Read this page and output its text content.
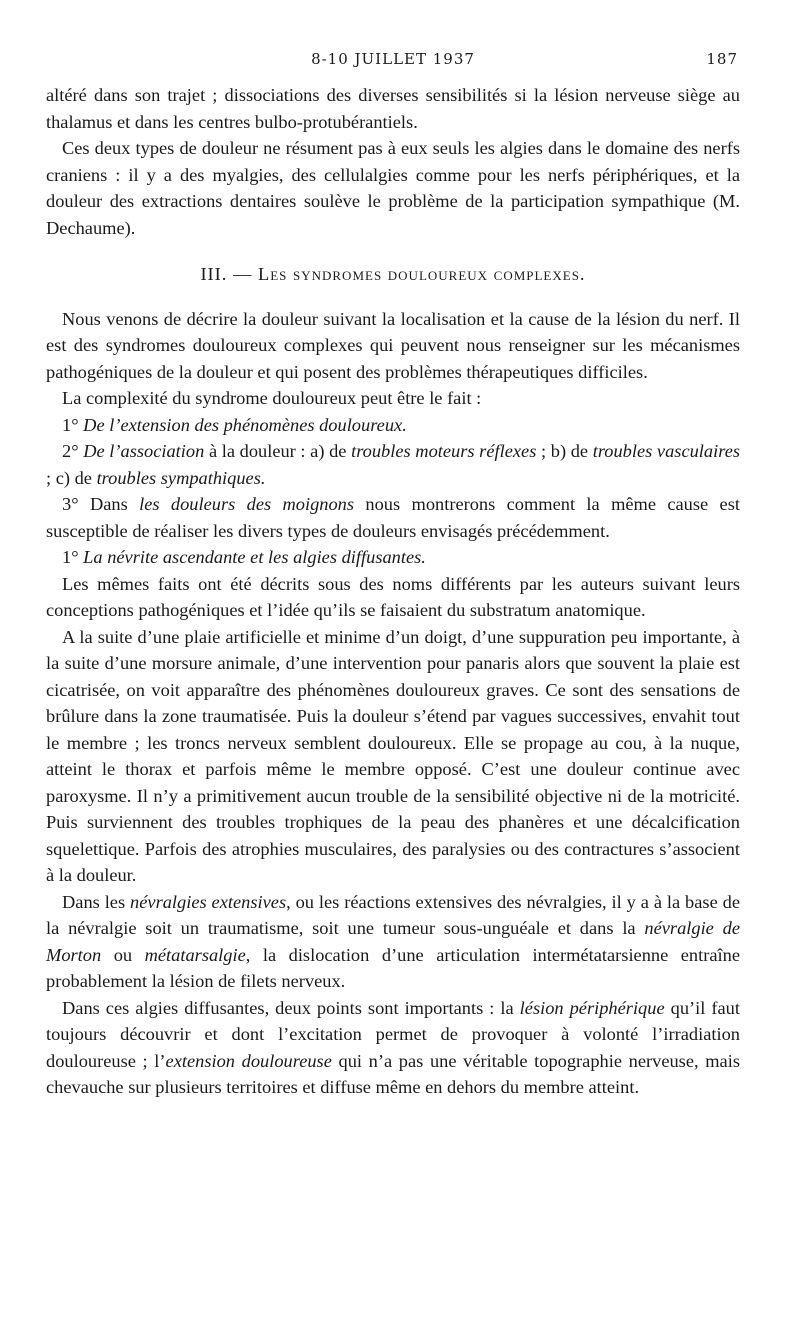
8-10 JUILLET 1937	187

altéré dans son trajet ; dissociations des diverses sensibilités si la lésion nerveuse siège au thalamus et dans les centres bulbo-protubérantiels.

Ces deux types de douleur ne résument pas à eux seuls les algies dans le domaine des nerfs craniens : il y a des myalgies, des cellulalgies comme pour les nerfs périphériques, et la douleur des extractions dentaires soulève le problème de la participation sympathique (M. Dechaume).

III. — Les syndromes douloureux complexes.

Nous venons de décrire la douleur suivant la localisation et la cause de la lésion du nerf. Il est des syndromes douloureux complexes qui peuvent nous renseigner sur les mécanismes pathogéniques de la douleur et qui posent des problèmes thérapeutiques difficiles.

La complexité du syndrome douloureux peut être le fait :

1° De l’extension des phénomènes douloureux.

2° De l’association à la douleur : a) de troubles moteurs réflexes ; b) de troubles vasculaires ; c) de troubles sympathiques.

3° Dans les douleurs des moignons nous montrerons comment la même cause est susceptible de réaliser les divers types de douleurs envisagés précédemment.

1° La névrite ascendante et les algies diffusantes.

Les mêmes faits ont été décrits sous des noms différents par les auteurs suivant leurs conceptions pathogéniques et l’idée qu’ils se faisaient du substratum anatomique.

A la suite d’une plaie artificielle et minime d’un doigt, d’une suppuration peu importante, à la suite d’une morsure animale, d’une intervention pour panaris alors que souvent la plaie est cicatrisée, on voit apparaître des phénomènes douloureux graves. Ce sont des sensations de brûlure dans la zone traumatisée. Puis la douleur s’étend par vagues successives, envahit tout le membre ; les troncs nerveux semblent douloureux. Elle se propage au cou, à la nuque, atteint le thorax et parfois même le membre opposé. C’est une douleur continue avec paroxysme. Il n’y a primitivement aucun trouble de la sensibilité objective ni de la motricité. Puis surviennent des troubles trophiques de la peau des phanères et une décalcification squelettique. Parfois des atrophies musculaires, des paralysies ou des contractures s’associent à la douleur.

Dans les névralgies extensives, ou les réactions extensives des névralgies, il y a à la base de la névralgie soit un traumatisme, soit une tumeur sous-unguéale et dans la névralgie de Morton ou métatarsalgie, la dislocation d’une articulation intermétatarsienne entraîne probablement la lésion de filets nerveux.

Dans ces algies diffusantes, deux points sont importants : la lésion périphérique qu’il faut toujours découvrir et dont l’excitation permet de provoquer à volonté l’irradiation douloureuse ; l’extension douloureuse qui n’a pas une véritable topographie nerveuse, mais chevauche sur plusieurs territoires et diffuse même en dehors du membre atteint.
